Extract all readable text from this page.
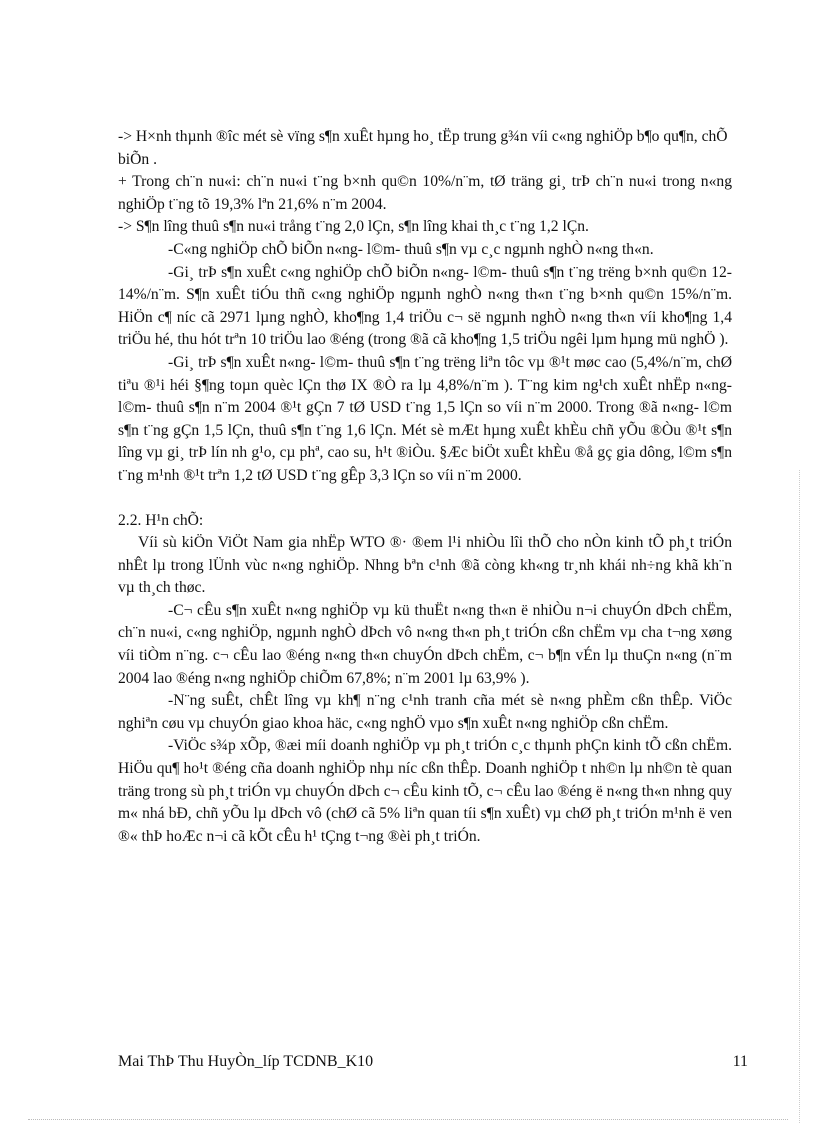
-> H×nh thµnh ®îc mét sè vïng s¶n xuÊt hµng ho¸ tËp trung g¾n víi c«ng nghiÖp b¶o qu¶n, chÕ biÕn .

+ Trong ch¨n nu«i: ch¨n nu«i t¨ng b×nh qu©n 10%/n¨m, tØ träng gi¸ trÞ ch¨n nu«i trong n«ng nghiÖp t¨ng tõ 19,3% lªn 21,6% n¨m 2004.

-> S¶n lîng thuû s¶n nu«i trång t¨ng 2,0 lÇn, s¶n lîng khai th¸c t¨ng 1,2 lÇn.

-C«ng nghiÖp chÕ biÕn n«ng- l©m- thuû s¶n vµ c¸c ngµnh nghÒ n«ng th«n.

-Gi¸ trÞ s¶n xuÊt c«ng nghiÖp chÕ biÕn n«ng- l©m- thuû s¶n t¨ng trëng b×nh qu©n 12- 14%/n¨m. S¶n xuÊt tiÓu thñ c«ng nghiÖp ngµnh nghÒ n«ng th«n t¨ng b×nh qu©n 15%/n¨m. HiÖn c¶ níc cã 2971 lµng nghÒ, kho¶ng 1,4 triÖu c¬ së ngµnh nghÒ n«ng th«n víi kho¶ng 1,4 triÖu hé, thu hót trªn 10 triÖu lao ®éng (trong ®ã cã kho¶ng 1,5 triÖu ngêi lµm hµng mü nghÖ ).

-Gi¸ trÞ s¶n xuÊt n«ng- l©m- thuû s¶n t¨ng trëng liªn tôc vµ ®¹t møc cao (5,4%/n¨m, chØ tiªu ®¹i héi §¶ng toµn quèc lÇn thø IX ®Ò ra lµ 4,8%/n¨m ). T¨ng kim ng¹ch xuÊt nhËp n«ng- l©m- thuû s¶n n¨m 2004 ®¹t gÇn 7 tØ USD t¨ng 1,5 lÇn so víi n¨m 2000. Trong ®ã n«ng- l©m s¶n t¨ng gÇn 1,5 lÇn, thuû s¶n t¨ng 1,6 lÇn. Mét sè mÆt hµng xuÊt khÈu chñ yÕu ®Òu ®¹t s¶n lîng vµ gi¸ trÞ lín nh g¹o, cµ phª, cao su, h¹t ®iÒu. §Æc biÖt xuÊt khÈu ®å gç gia dông, l©m s¶n t¨ng m¹nh ®¹t trªn 1,2 tØ USD t¨ng gÊp 3,3 lÇn so víi n¨m 2000.

2.2. H¹n chÕ:

Víi sù kiÖn ViÖt Nam gia nhËp WTO ®· ®em l¹i nhiÒu lîi thÕ cho nÒn kinh tÕ ph¸t triÓn nhÊt lµ trong lÜnh vùc n«ng nghiÖp. Nhng bªn c¹nh ®ã còng kh«ng tr¸nh khái nh÷ng khã kh¨n vµ th¸ch thøc.

-C¬ cÊu s¶n xuÊt n«ng nghiÖp vµ kü thuËt n«ng th«n ë nhiÒu n¬i chuyÓn dÞch chËm, ch¨n nu«i, c«ng nghiÖp, ngµnh nghÒ dÞch vô n«ng th«n ph¸t triÓn cßn chËm vµ cha t¬ng xøng víi tiÒm n¨ng. c¬ cÊu lao ®éng n«ng th«n chuyÓn dÞch chËm, c¬ b¶n vÉn lµ thuÇn n«ng (n¨m 2004 lao ®éng n«ng nghiÖp chiÕm 67,8%; n¨m 2001 lµ 63,9% ).

-N¨ng suÊt, chÊt lîng vµ kh¶ n¨ng c¹nh tranh cña mét sè n«ng phÈm cßn thÊp. ViÖc nghiªn cøu vµ chuyÓn giao khoa häc, c«ng nghÖ vµo s¶n xuÊt n«ng nghiÖp cßn chËm.

-ViÖc s¾p xÕp, ®æi míi doanh nghiÖp vµ ph¸t triÓn c¸c thµnh phÇn kinh tÕ cßn chËm. HiÖu qu¶ ho¹t ®éng cña doanh nghiÖp nhµ níc cßn thÊp. Doanh nghiÖp t nh©n lµ nh©n tè quan träng trong sù ph¸t triÓn vµ chuyÓn dÞch c¬ cÊu kinh tÕ, c¬ cÊu lao ®éng ë n«ng th«n nhng quy m« nhá bÐ, chñ yÕu lµ dÞch vô (chØ cã 5% liªn quan tíi s¶n xuÊt) vµ chØ ph¸t triÓn m¹nh ë ven ®« thÞ hoÆc n¬i cã kÕt cÊu h¹ tÇng t¬ng ®èi ph¸t triÓn.

Mai ThÞ Thu HuyÒn_líp TCDNB_K10	11
